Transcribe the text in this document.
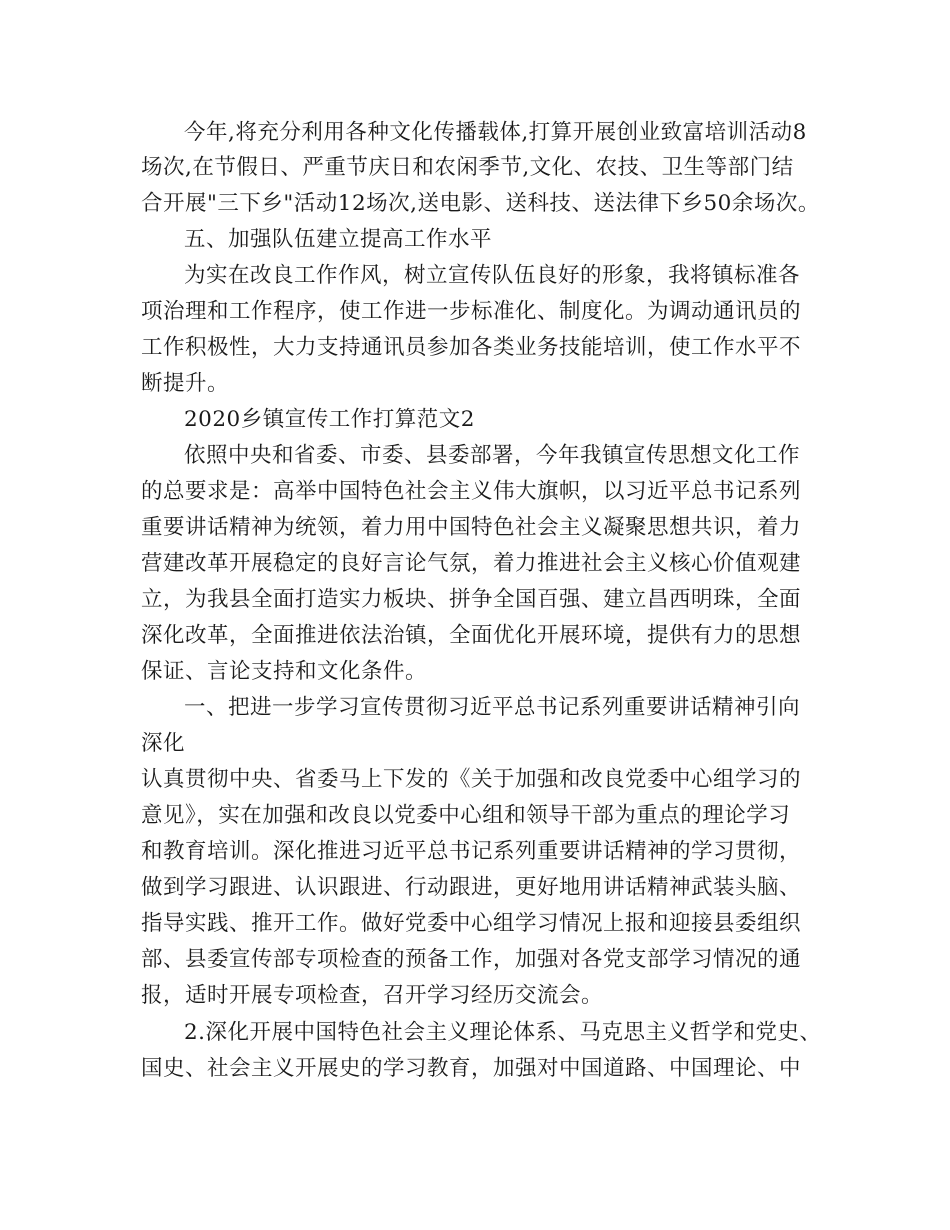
今年,将充分利用各种文化传播载体,打算开展创业致富培训活动8

场次,在节假日、严重节庆日和农闲季节,文化、农技、卫生等部门结

合开展"三下乡"活动12场次,送电影、送科技、送法律下乡50余场次。

五、加强队伍建立提高工作水平

为实在改良工作作风，树立宣传队伍良好的形象，我将镇标准各

项治理和工作程序，使工作进一步标准化、制度化。为调动通讯员的

工作积极性，大力支持通讯员参加各类业务技能培训，使工作水平不

断提升。

2020乡镇宣传工作打算范文2

依照中央和省委、市委、县委部署，今年我镇宣传思想文化工作

的总要求是：高举中国特色社会主义伟大旗帜，以习近平总书记系列

重要讲话精神为统领，着力用中国特色社会主义凝聚思想共识，着力

营建改革开展稳定的良好言论气氛，着力推进社会主义核心价值观建

立，为我县全面打造实力板块、拼争全国百强、建立昌西明珠，全面

深化改革，全面推进依法治镇，全面优化开展环境，提供有力的思想

保证、言论支持和文化条件。

一、把进一步学习宣传贯彻习近平总书记系列重要讲话精神引向

深化

认真贯彻中央、省委马上下发的《关于加强和改良党委中心组学习的

意见》，实在加强和改良以党委中心组和领导干部为重点的理论学习

和教育培训。深化推进习近平总书记系列重要讲话精神的学习贯彻，

做到学习跟进、认识跟进、行动跟进，更好地用讲话精神武装头脑、

指导实践、推开工作。做好党委中心组学习情况上报和迎接县委组织

部、县委宣传部专项检查的预备工作，加强对各党支部学习情况的通

报，适时开展专项检查，召开学习经历交流会。

2.深化开展中国特色社会主义理论体系、马克思主义哲学和党史、

国史、社会主义开展史的学习教育，加强对中国道路、中国理论、中
